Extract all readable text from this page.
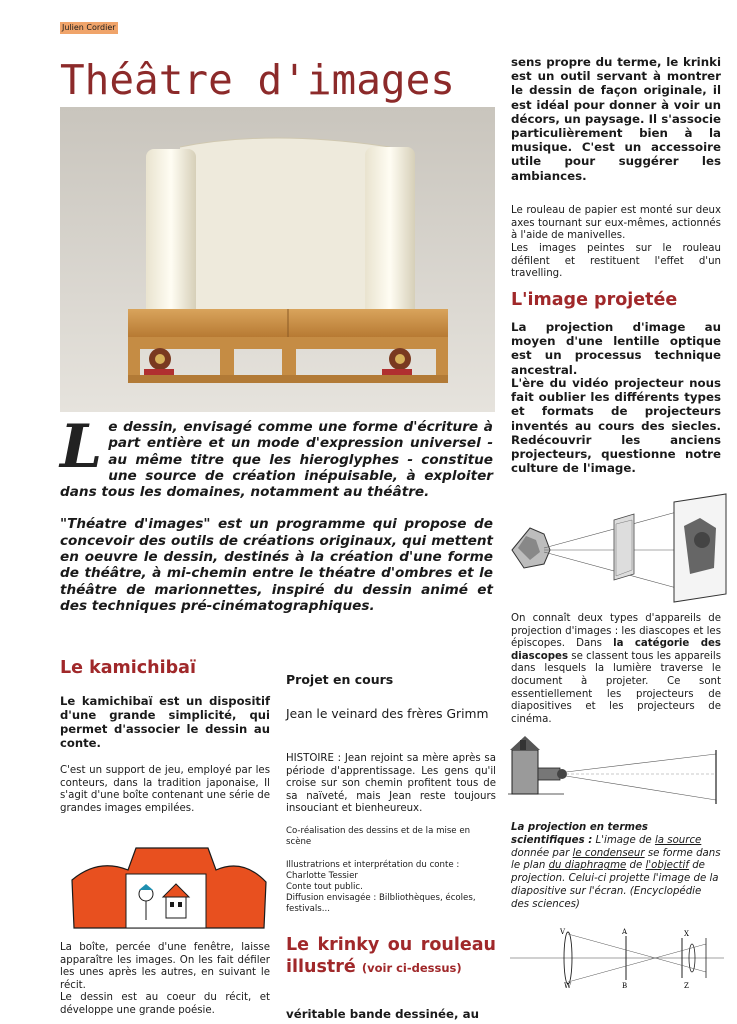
Julien Cordier
Théâtre d'images

Le dessin, envisagé comme une forme d'écriture à part entière et un mode d'expression universel - au même titre que les hieroglyphes - constitue une source de création inépuisable, à exploiter dans tous les domaines, notamment au théâtre.

"Théatre d'images" est un programme qui propose de concevoir des outils de créations originaux, qui mettent en oeuvre le dessin, destinés à la création d'une forme de théâtre, à mi-chemin entre le théatre d'ombres et le théâtre de marionnettes, inspiré du dessin animé et des techniques pré-cinématographiques.

Le kamichibaï

Le kamichibaï est un dispositif d'une grande simplicité, qui permet d'associer le dessin au conte.

C'est un support de jeu, employé par les conteurs, dans la tradition japonaise, Il s'agit d'une boîte contenant une série de grandes images empilées.

La boîte, percée d'une fenêtre, laisse apparaître les images. On les fait défiler les unes après les autres, en suivant le récit.

Le dessin est au coeur du récit, et développe une grande poésie.

Projet en cours

Jean le veinard des frères Grimm

HISTOIRE : Jean rejoint sa mère après sa période d'apprentissage. Les gens qu'il croise sur son chemin profitent tous de sa naïveté, mais Jean reste toujours insouciant et bienheureux.

Co-réalisation des dessins et de la mise en scène

Illustratrions et interprétation du conte : Charlotte Tessier

Conte tout public.

Diffusion envisagée : Bilbliothèques, écoles, festivals...

Le krinky ou rouleau illustré (voir ci-dessus)

véritable bande dessinée, au

sens propre du terme, le krinki est un outil servant à montrer le dessin de façon originale, il est idéal pour donner à voir un décors, un paysage. Il s'associe particulièrement bien à la musique. C'est un accessoire utile pour suggérer les ambiances.

Le rouleau de papier est monté sur deux axes tournant sur eux-mêmes, actionnés à l'aide de manivelles.

Les images peintes sur le rouleau défilent et restituent l'effet d'un travelling.

L'image projetée

La projection d'image au moyen d'une lentille optique est un processus technique ancestral.

L'ère du vidéo projecteur nous fait oublier les différents types et formats de projecteurs inventés au cours des siecles. Redécouvrir les anciens projecteurs, questionne notre culture de l'image.

On connaît deux types d'appareils de projection d'images : les diascopes et les épiscopes. Dans la catégorie des diascopes se classent tous les appareils dans lesquels la lumière traverse le document à projeter. Ce sont essentiellement les projecteurs de diapositives et les projecteurs de cinéma.

La projection en termes scientifiques : L'image de la source donnée par le condenseur se forme dans le plan du diaphragme de l'objectif de projection. Celui-ci projette l'image de la diapositive sur l'écran. (Encyclopédie des sciences)

V	A
B
X
W	Z
